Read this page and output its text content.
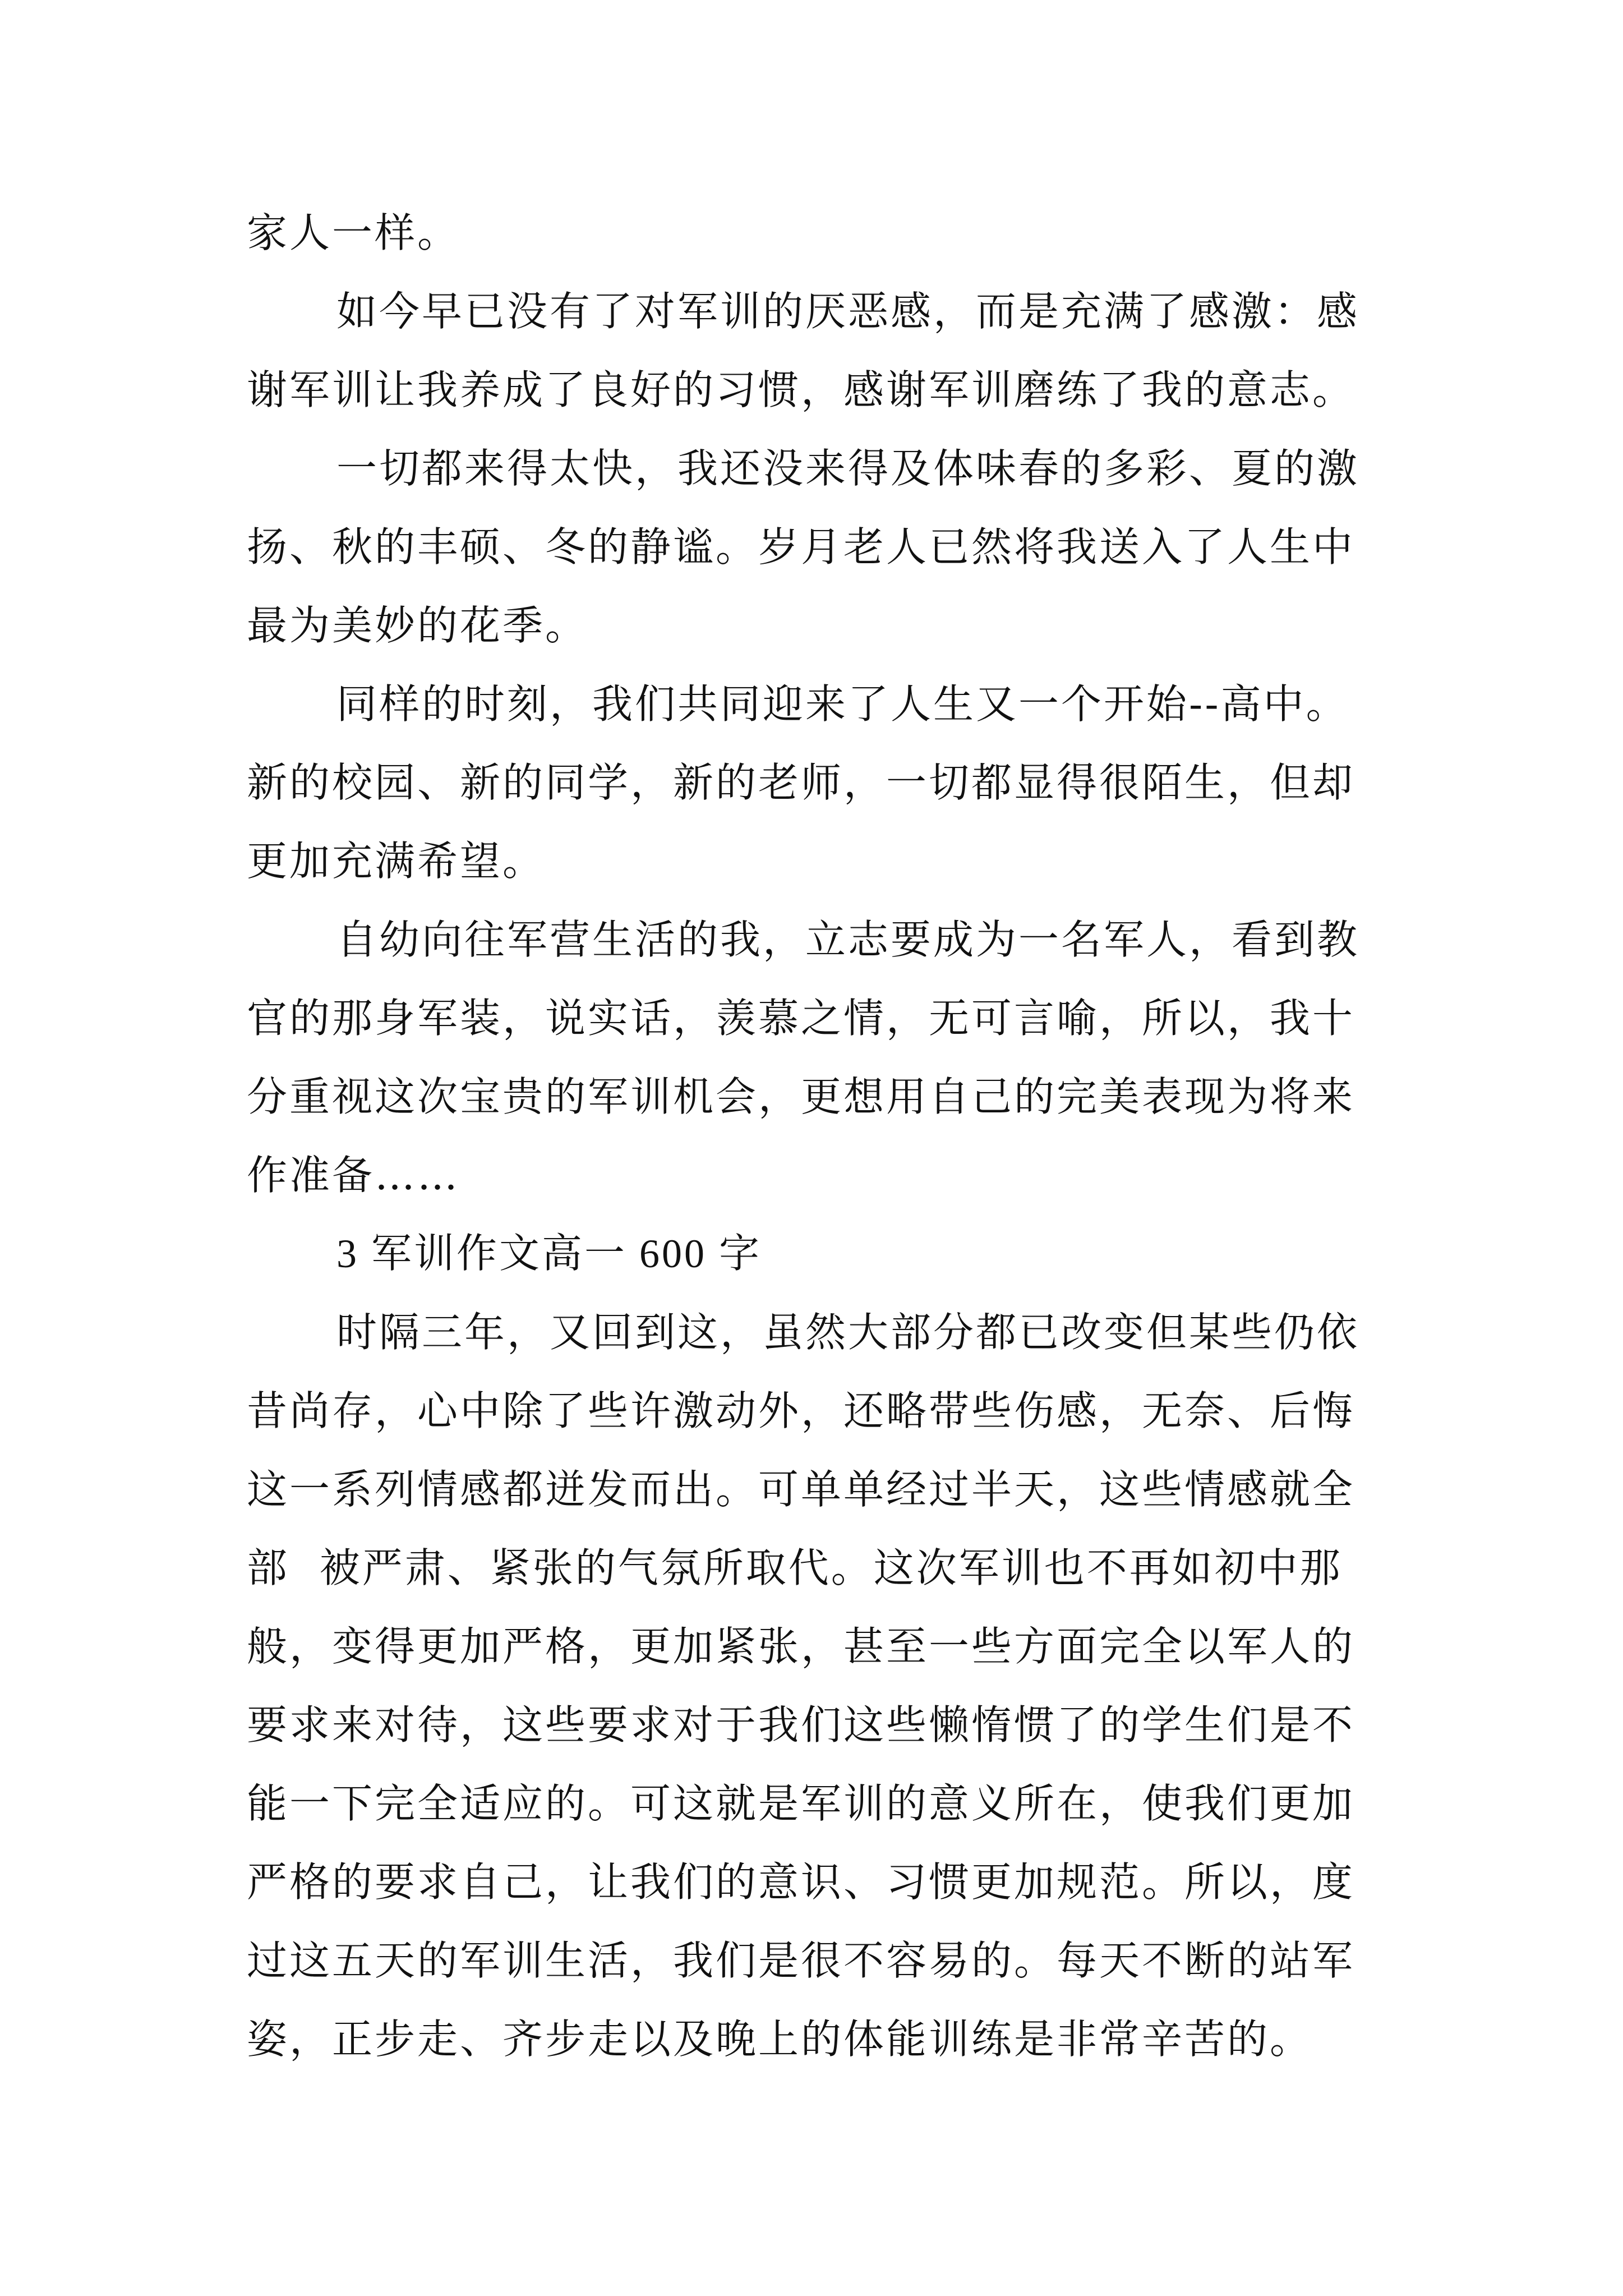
家人一样。
如今早已没有了对军训的厌恶感，而是充满了感激：感
谢军训让我养成了良好的习惯，感谢军训磨练了我的意志。
一切都来得太快，我还没来得及体味春的多彩、夏的激
扬、秋的丰硕、冬的静谧。岁月老人已然将我送入了人生中
最为美妙的花季。
同样的时刻，我们共同迎来了人生又一个开始--高中。
新的校园、新的同学，新的老师，一切都显得很陌生，但却
更加充满希望。
自幼向往军营生活的我，立志要成为一名军人，看到教
官的那身军装，说实话，羡慕之情，无可言喻，所以，我十
分重视这次宝贵的军训机会，更想用自己的完美表现为将来
作准备……
3 军训作文高一 600 字
时隔三年，又回到这，虽然大部分都已改变但某些仍依
昔尚存，心中除了些许激动外，还略带些伤感，无奈、后悔
这一系列情感都迸发而出。可单单经过半天，这些情感就全
部  被严肃、紧张的气氛所取代。这次军训也不再如初中那
般，变得更加严格，更加紧张，甚至一些方面完全以军人的
要求来对待，这些要求对于我们这些懒惰惯了的学生们是不
能一下完全适应的。可这就是军训的意义所在，使我们更加
严格的要求自己，让我们的意识、习惯更加规范。所以，度
过这五天的军训生活，我们是很不容易的。每天不断的站军
姿，正步走、齐步走以及晚上的体能训练是非常辛苦的。
